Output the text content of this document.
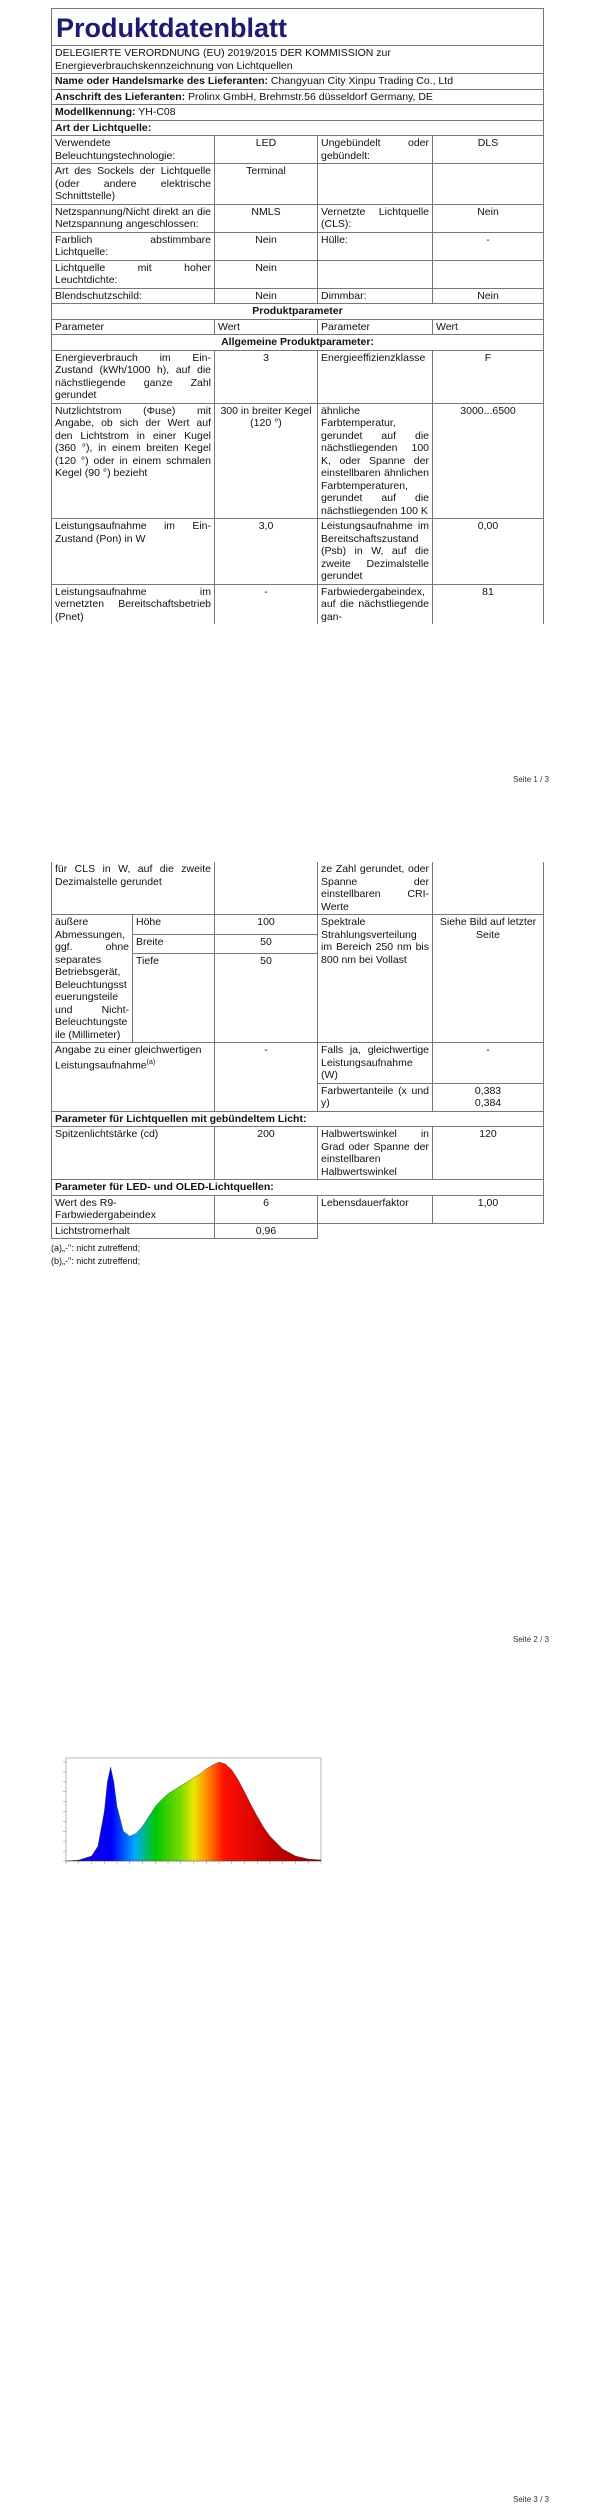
Produktdatenblatt			
DELEGIERTE VERORDNUNG (EU) 2019/2015 DER KOMMISSION zur Energieverbrauchskennzeichnung von Lichtquellen			
Name oder Handelsmarke des Lieferanten: Changyuan City Xinpu Trading Co., Ltd			
Anschrift des Lieferanten: Prolinx GmbH, Brehmstr.56 düsseldorf Germany, DE			
Modellkennung: YH-C08			
Art der Lichtquelle:			
Verwendete Beleuchtungstechnologie:	LED	Ungebündelt oder gebündelt:	DLS
Art des Sockels der Lichtquelle (oder andere elektrische Schnittstelle)	Terminal		
Netzspannung/Nicht direkt an die Netzspannung angeschlossen:	NMLS	Vernetzte Lichtquelle (CLS):	Nein
Farblich abstimmbare Lichtquelle:	Nein	Hülle:	-
Lichtquelle mit hoher Leuchtdichte:	Nein		
Blendschutzschild:	Nein	Dimmbar:	Nein
Produktparameter			
Parameter	Wert	Parameter	Wert
Allgemeine Produktparameter:			
Energieverbrauch im Ein-Zustand (kWh/1000 h), auf die nächstliegende ganze Zahl gerundet	3	Energieeffizienzklasse	F
Nutzlichtstrom (Φuse) mit Angabe, ob sich der Wert auf den Lichtstrom in einer Kugel (360 °), in einem breiten Kegel (120 °) oder in einem schmalen Kegel (90 °) bezieht	300 in breiter Kegel (120 °)	ähnliche Farbtemperatur, gerundet auf die nächstliegenden 100 K, oder Spanne der einstellbaren ähnlichen Farbtemperaturen, gerundet auf die nächstliegenden 100 K	3000...6500
Leistungsaufnahme im Ein-Zustand (Pon) in W	3,0	Leistungsaufnahme im Bereitschaftszustand (Psb) in W, auf die zweite Dezimalstelle gerundet	0,00
Leistungsaufnahme im vernetzten Bereitschaftsbetrieb (Pnet)	-	Farbwiedergabeindex, auf die nächstliegende gan-	81
Seite 1 / 3
für CLS in W, auf die zweite Dezimalstelle gerundet			ze Zahl gerundet, oder Spanne der einstellbaren CRI-Werte	
äußere Abmessungen, ggf. ohne separates Betriebsgerät, Beleuchtungssteuerungsteile und Nicht-Beleuchtungsteile (Millimeter)	Höhe	100	Spektrale Strahlungsverteilung im Bereich 250 nm bis 800 nm bei Vollast	Siehe Bild auf letzter Seite
	Breite	50		
	Tiefe	50		
Angabe zu einer gleichwertigen Leistungsaufnahme$^{(a)}$		-	Falls ja, gleichwertige Leistungsaufnahme (W)	-
			Farbwertanteile (x und y)	0,383
0,384

Parameter für Lichtquellen mit gebündeltem Licht:				
Spitzenlichtstärke (cd)		200	Halbwertswinkel in Grad oder Spanne der einstellbaren Halbwertswinkel	120
Parameter für LED- und OLED-Lichtquellen:				
Wert des R9-Farbwiedergabeindex		6	Lebensdauerfaktor	1,00
Lichtstromerhalt		0,96		
(a)„-": nicht zutreffend;
(b)„-": nicht zutreffend;
Seite 2 / 3
Seite 3 / 3
